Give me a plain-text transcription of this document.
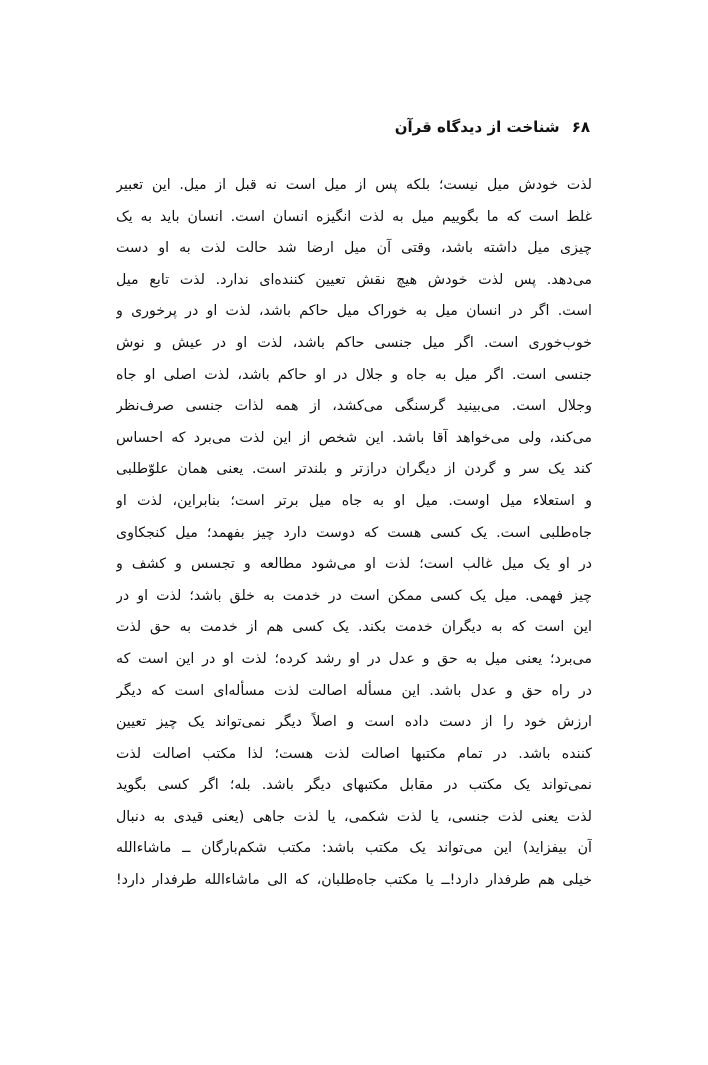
۶۸
شناخت از دیدگاه قرآن
لذت خودش میل نیست؛ بلکه پس از میل است نه قبل از میل. این تعبیر
غلط است که ما بگوییم میل به لذت انگیزه انسان است. انسان باید به یک
چیزی میل داشته باشد، وقتی آن میل ارضا شد حالت لذت به او دست
می‌دهد. پس لذت خودش هیچ نقش تعیین کننده‌ای ندارد. لذت تابع میل
است. اگر در انسان میل به خوراک میل حاکم باشد، لذت او در پرخوری و
خوب‌خوری است. اگر میل جنسی حاکم باشد، لذت او در عیش و نوش
جنسی است. اگر میل به جاه و جلال در او حاکم باشد، لذت اصلی او جاه
وجلال است. می‌بینید گرسنگی می‌کشد، از همه لذات جنسی صرف‌نظر
می‌کند، ولی می‌خواهد آقا باشد. این شخص از این لذت می‌برد که احساس
کند یک سر و گردن از دیگران درازتر و بلندتر است. یعنی همان علوّطلبی
و استعلاء میل اوست. میل او به جاه میل برتر است؛ بنابراین، لذت او
جاه‌طلبی است. یک کسی هست که دوست دارد چیز بفهمد؛ میل کنجکاوی
در او یک میل غالب است؛ لذت او می‌شود مطالعه و تجسس و کشف و
چیز فهمی. میل یک کسی ممکن است در خدمت به خلق باشد؛ لذت او در
این است که به دیگران خدمت بکند. یک کسی هم از خدمت به حق لذت
می‌برد؛ یعنی میل به حق و عدل در او رشد کرده؛ لذت او در این است که
در راه حق و عدل باشد. این مسأله اصالت لذت مسأله‌ای است که دیگر
ارزش خود را از دست داده است و اصلاً دیگر نمی‌تواند یک چیز تعیین
کننده باشد. در تمام مکتبها اصالت لذت هست؛ لذا مکتب اصالت لذت
نمی‌تواند یک مکتب در مقابل مکتبهای دیگر باشد. بله؛ اگر کسی بگوید
لذت یعنی لذت جنسی، یا لذت شکمی، یا لذت جاهی (یعنی قیدی به دنبال
آن بیفزاید) این می‌تواند یک مکتب باشد: مکتب شکم‌بارگان ــ ماشاءالله
خیلی هم طرفدار دارد!ــ یا مکتب جاه‌طلبان، که الی ماشاءالله طرفدار دارد!
